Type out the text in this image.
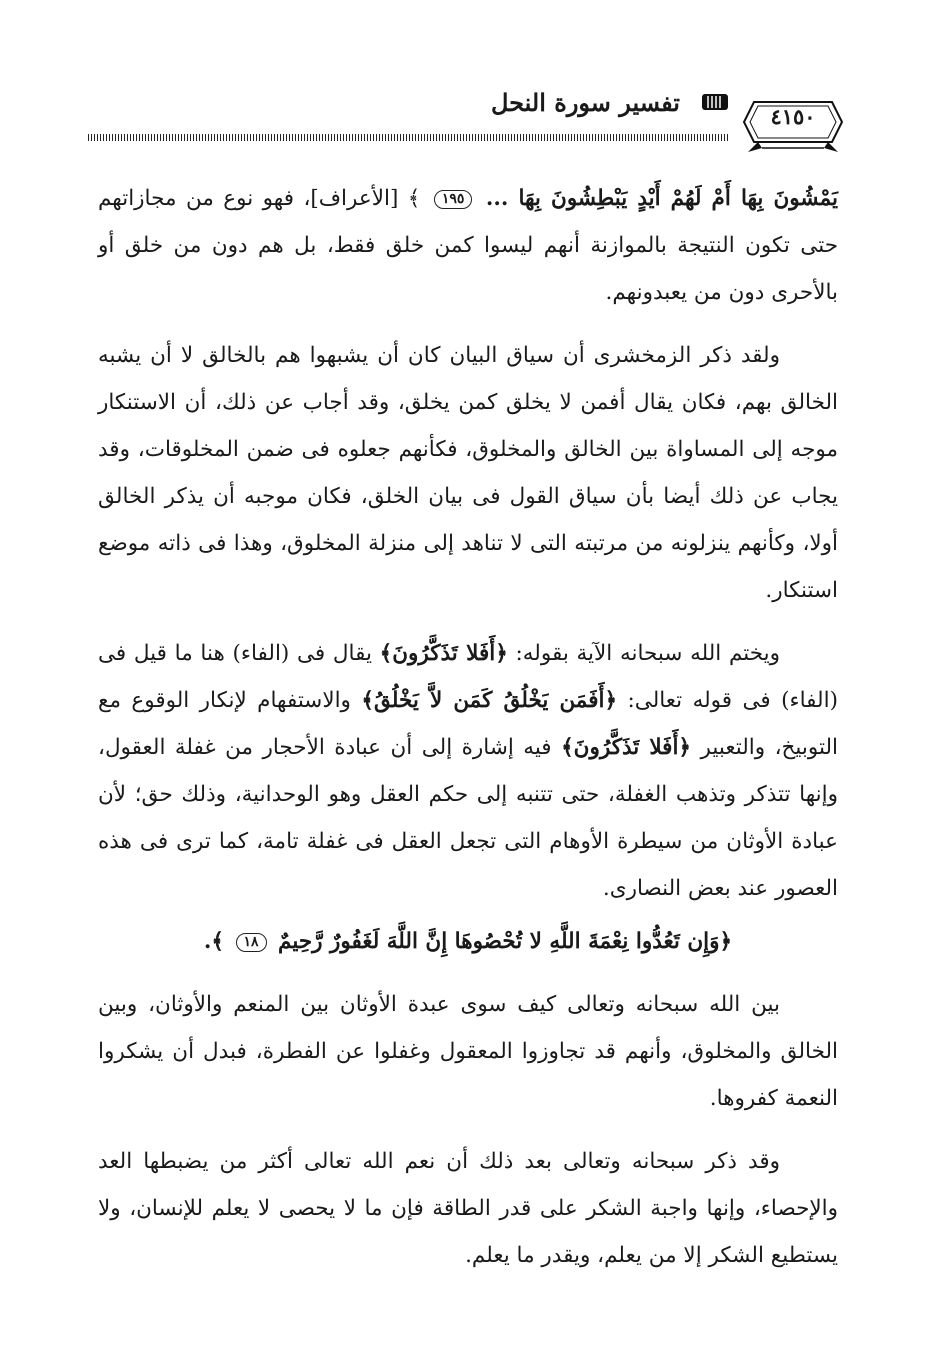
تفسير سورة النحل	٤١٥٠

يَمْشُونَ بِهَا أَمْ لَهُمْ أَيْدٍ يَبْطِشُونَ بِهَا ... ١٩٥ ﴾ [الأعراف]، فهو نوع من مجازاتهم حتى تكون النتيجة بالموازنة أنهم ليسوا كمن خلق فقط، بل هم دون من خلق أو بالأحرى دون من يعبدونهم.

ولقد ذكر الزمخشرى أن سياق البيان كان أن يشبهوا هم بالخالق لا أن يشبه الخالق بهم، فكان يقال أفمن لا يخلق كمن يخلق، وقد أجاب عن ذلك، أن الاستنكار موجه إلى المساواة بين الخالق والمخلوق، فكأنهم جعلوه فى ضمن المخلوقات، وقد يجاب عن ذلك أيضا بأن سياق القول فى بيان الخلق، فكان موجبه أن يذكر الخالق أولا، وكأنهم ينزلونه من مرتبته التى لا تناهد إلى منزلة المخلوق، وهذا فى ذاته موضع استنكار.

ويختم الله سبحانه الآية بقوله: ﴿أَفَلا تَذَكَّرُونَ﴾ يقال فى (الفاء) هنا ما قيل فى (الفاء) فى قوله تعالى: ﴿أَفَمَن يَخْلُقُ كَمَن لاَّ يَخْلُقُ﴾ والاستفهام لإنكار الوقوع مع التوبيخ، والتعبير ﴿أَفَلا تَذَكَّرُونَ﴾ فيه إشارة إلى أن عبادة الأحجار من غفلة العقول، وإنها تتذكر وتذهب الغفلة، حتى تتنبه إلى حكم العقل وهو الوحدانية، وذلك حق؛ لأن عبادة الأوثان من سيطرة الأوهام التى تجعل العقل فى غفلة تامة، كما ترى فى هذه العصور عند بعض النصارى.

﴿وَإِن تَعُدُّوا نِعْمَةَ اللَّهِ لا تُحْصُوهَا إِنَّ اللَّهَ لَغَفُورٌ رَّحِيمٌ ١٨ ﴾.

بين الله سبحانه وتعالى كيف سوى عبدة الأوثان بين المنعم والأوثان، وبين الخالق والمخلوق، وأنهم قد تجاوزوا المعقول وغفلوا عن الفطرة، فبدل أن يشكروا النعمة كفروها.

وقد ذكر سبحانه وتعالى بعد ذلك أن نعم الله تعالى أكثر من يضبطها العد والإحصاء، وإنها واجبة الشكر على قدر الطاقة فإن ما لا يحصى لا يعلم للإنسان، ولا يستطيع الشكر إلا من يعلم، ويقدر ما يعلم.
